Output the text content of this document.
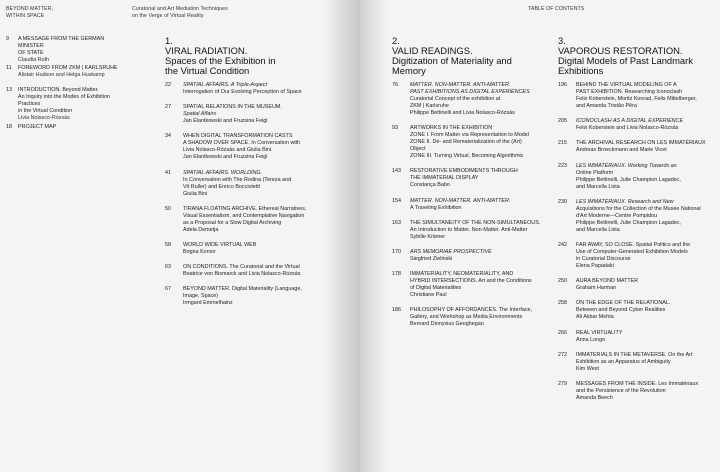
BEYOND MATTER,
WITHIN SPACE
Curatorial and Art Mediation Techniques
on the Verge of Virtual Reality
9 A MESSAGE FROM THE GERMAN MINISTER
OF STATE
Claudia Roth
11 FOREWORD FROM ZKM | KARLSRUHE
Alistair Hudson and Helga Huskamp
13 INTRODUCTION. Beyond Matter.
An Inquiry into the Modes of Exhibition Practices
in the Virtual Condition
Livia Nolasco-Rózsás
18 PROJECT MAP
1.
VIRAL RADIATION.
Spaces of the Exhibition in
the Virtual Condition
22 SPATIAL AFFAIRS. A Triple-Aspect
Interrogation of Our Evolving Perception of Space
27 SPATIAL RELATIONS IN THE MUSEUM.
Spatial Affairs
Jan Elantkowski and Fruzsina Feigl
34 WHEN DIGITAL TRANSFORMATION CASTS
A SHADOW OVER SPACE. In Conversation with
Livia Nolasco-Rózsás and Giulia Bini
Jan Elantkowski and Fruzsina Feigl
41 SPATIAL AFFAIRS. WORLDING.
In Conversation with The Rodina (Tereza and
Vit Ruller) and Enrico Boccioletti
Giulia Bini
50 TIRANA FLOATING ARCHIVE. Ethereal Narratives,
Visual Essentialism, and Contemplative Navigation
as a Proposal for a Slow Digital Archiving
Adela Demetja
58 WORLD WIDE VIRTUAL WEB
Bogna Konior
63 ON CONDITIONS. The Curatorial and the Virtual
Beatrice von Bismarck and Livia Nolasco-Rózsás
67 BEYOND MATTER. Digital Materiality (Language,
Image, Space)
Irmgard Emmelhainz
TABLE OF CONTENTS
2.
VALID READINGS.
Digitization of Materiality and
Memory
76 MATTER. NON-MATTER. ANTI-MATTER.
PAST EXHIBITIONS AS DIGITAL EXPERIENCES
Curatorial Concept of the exhibition at
ZKM | Karlsruhe
Philippe Bettinelli and Livia Nolasco-Rózsás
93 ARTWORKS IN THE EXHIBITION
ZONE I. From Matter via Representation to Model
ZONE II. De- and Rematerialization of the (Art)
Object
ZONE III. Turning Virtual, Becoming Algorithmic
143 RESTORATIVE EMBODIMENTS THROUGH
THE IMMATERIAL DISPLAY
Constança Babo
154 MATTER. NON-MATTER. ANTI-MATTER.
A Traveling Exhibition
163 THE SIMULTANEITY OF THE NON-SIMULTANEOUS.
An Introduction to Matter. Non-Matter. Anti-Matter
Sybille Krämer
170 ARS MEMORIAE PROSPECTIVE
Siegfried Zielinski
178 IMMATERIALITY, NEOMATERIALITY, AND
HYBRID INTERSECTIONS. Art and the Conditions
of Digital Materialities
Christiane Paul
186 PHILOSOPHY OF AFFORDANCES. The Interface,
Gallery, and Workshop as Media Environments
Bernard Dionysius Geoghegan
3.
VAPOROUS RESTORATION.
Digital Models of Past Landmark
Exhibitions
196 BEHIND THE VIRTUAL MODELING OF A
PAST EXHIBITION. Researching Iconoclash
Felix Koberstein, Moritz Konrad, Felix Mittelberger,
and Amanda Tristão Pêra
205 ICONOCLASH AS A DIGITAL EXPERIENCE
Felix Koberstein and Livia Nolasco-Rózsás
215 THE ARCHIVAL RESEARCH ON LES IMMATÉRIAUX
Andreas Broeckmann and Marie Vicet
223 LES IMMATÉRIAUX. Working Towards an
Online Platform
Philippe Bettinelli, Julie Champion Lagadec,
and Marcella Lista
230 LES IMMATÉRIAUX. Research and New
Acquisitions for the Collection of the Musée National
d'Art Moderne—Centre Pompidou
Philippe Bettinelli, Julie Champion Lagadec,
and Marcella Lista
242 FAR AWAY, SO CLOSE. Spatial Politics and the
Use of Computer-Generated Exhibition Models
in Curatorial Discourse
Elena Papadaki
250 AURA BEYOND MATTER
Graham Harman
258 ON THE EDGE OF THE RELATIONAL.
Between and Beyond Cyber Realities
Ali Akbar Mehta
266 REAL VIRTUALITY
Anna Longo
272 IMMATERIALS IN THE METAVERSE. On the Art
Exhibition as an Apparatus of Ambiguity
Kim West
279 MESSAGES FROM THE INSIDE. Les Immatériaux
and the Persistence of the Revolution
Amanda Beech
